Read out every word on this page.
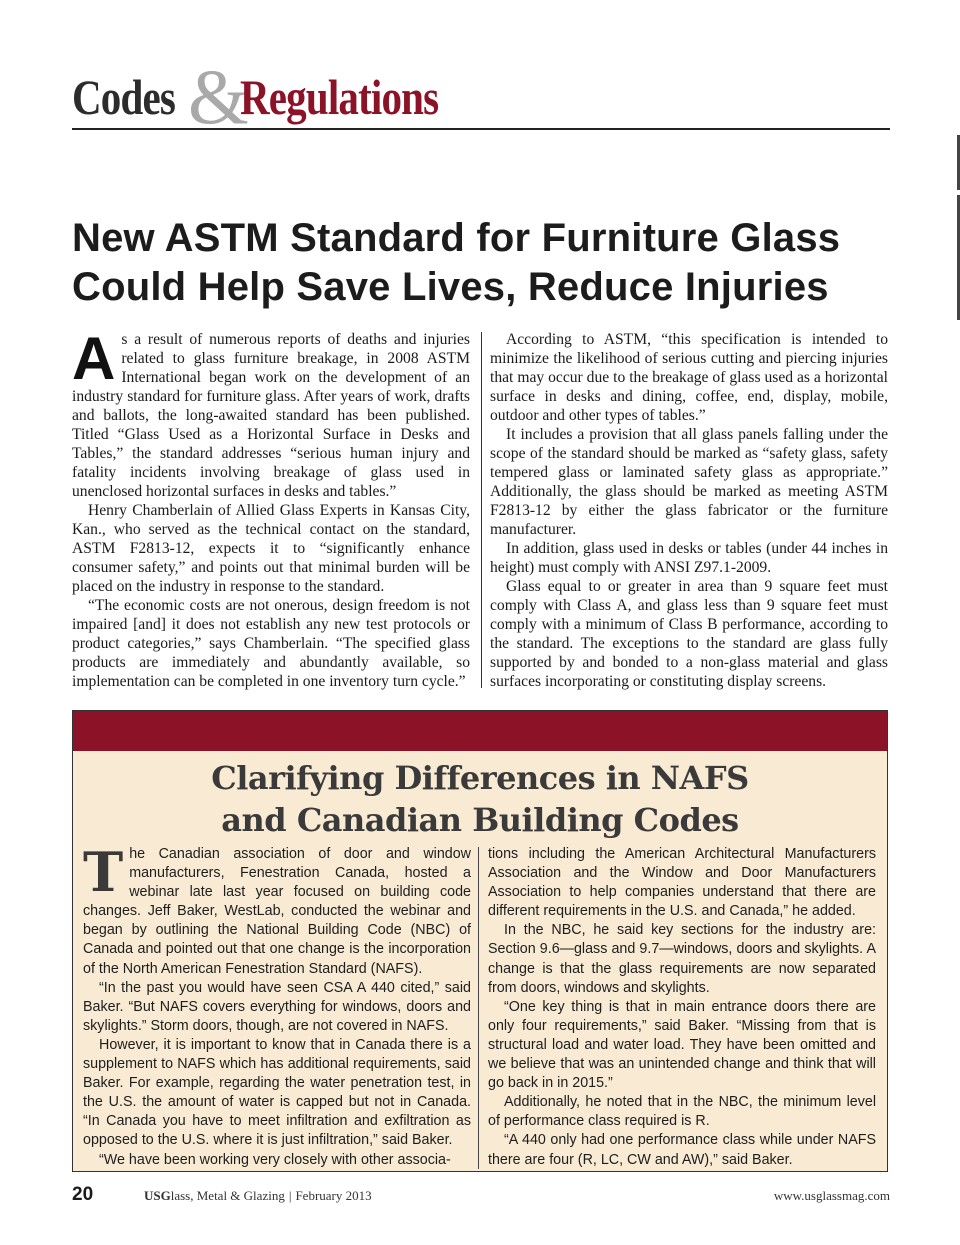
Codes &
Regulations
New ASTM Standard for Furniture Glass Could Help Save Lives, Reduce Injuries

As a result of numerous reports of deaths and injuries related to glass furniture breakage, in 2008 ASTM International began work on the development of an industry standard for furniture glass. After years of work, drafts and ballots, the long-awaited standard has been published. Titled “Glass Used as a Horizontal Surface in Desks and Tables,” the standard addresses “serious human injury and fatality incidents involving breakage of glass used in unenclosed horizontal surfaces in desks and tables.”

Henry Chamberlain of Allied Glass Experts in Kansas City, Kan., who served as the technical contact on the standard, ASTM F2813-12, expects it to “significantly enhance consumer safety,” and points out that minimal burden will be placed on the industry in response to the standard.

“The economic costs are not onerous, design freedom is not impaired [and] it does not establish any new test protocols or product categories,” says Chamberlain. “The specified glass products are immediately and abundantly available, so implementation can be completed in one inventory turn cycle.”

According to ASTM, “this specification is intended to minimize the likelihood of serious cutting and piercing injuries that may occur due to the breakage of glass used as a horizontal surface in desks and dining, coffee, end, display, mobile, outdoor and other types of tables.”

It includes a provision that all glass panels falling under the scope of the standard should be marked as “safety glass, safety tempered glass or laminated safety glass as appropriate.” Additionally, the glass should be marked as meeting ASTM F2813-12 by either the glass fabricator or the furniture manufacturer.

In addition, glass used in desks or tables (under 44 inches in height) must comply with ANSI Z97.1-2009.

Glass equal to or greater in area than 9 square feet must comply with Class A, and glass less than 9 square feet must comply with a minimum of Class B performance, according to the standard. The exceptions to the standard are glass fully supported by and bonded to a non-glass material and glass surfaces incorporating or constituting display screens.

Clarifying Differences in NAFS
and Canadian Building Codes

The Canadian association of door and window manufacturers, Fenestration Canada, hosted a webinar late last year focused on building code changes. Jeff Baker, WestLab, conducted the webinar and began by outlining the National Building Code (NBC) of Canada and pointed out that one change is the incorporation of the North American Fenestration Standard (NAFS).

“In the past you would have seen CSA A 440 cited,” said Baker. “But NAFS covers everything for windows, doors and skylights.” Storm doors, though, are not covered in NAFS.

However, it is important to know that in Canada there is a supplement to NAFS which has additional requirements, said Baker. For example, regarding the water penetration test, in the U.S. the amount of water is capped but not in Canada. “In Canada you have to meet infiltration and exfiltration as opposed to the U.S. where it is just infiltration,” said Baker.

“We have been working very closely with other associa-

tions including the American Architectural Manufacturers Association and the Window and Door Manufacturers Association to help companies understand that there are different requirements in the U.S. and Canada,” he added.

In the NBC, he said key sections for the industry are: Section 9.6—glass and 9.7—windows, doors and skylights. A change is that the glass requirements are now separated from doors, windows and skylights.

“One key thing is that in main entrance doors there are only four requirements,” said Baker. “Missing from that is structural load and water load. They have been omitted and we believe that was an unintended change and think that will go back in in 2015.”

Additionally, he noted that in the NBC, the minimum level of performance class required is R.

“A 440 only had one performance class while under NAFS there are four (R, LC, CW and AW),” said Baker.

20	USGlass, Metal & Glazing | February 2013	www.usglassmag.com
